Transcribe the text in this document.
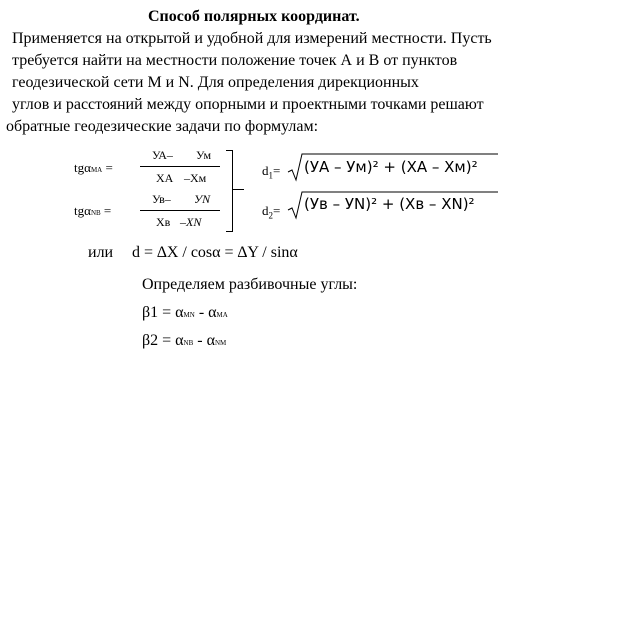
Способ полярных координат.
Применяется на открытой и удобной для измерений местности. Пусть
требуется найти на местности положение точек А и В от пунктов
геодезической сети М и N. Для определения дирекционных
углов и расстояний между опорными и проектными точками решают
обратные геодезические задачи по формулам:
tgαMA =
УА– Ум
ХА –Хм
tgαNB =
Ув– УN
Хв –ХN
$d_1= (УА - Ум)^2 + (ХА - Хм)^2$
$d_2= (Ув - УN)^2 + (Хв - ХN)^2$
или d = ∆X / cosα = ∆Y / sinα
Определяем разбивочные углы:
β1 = αMN - αMA
β2 = αNB - αNM
